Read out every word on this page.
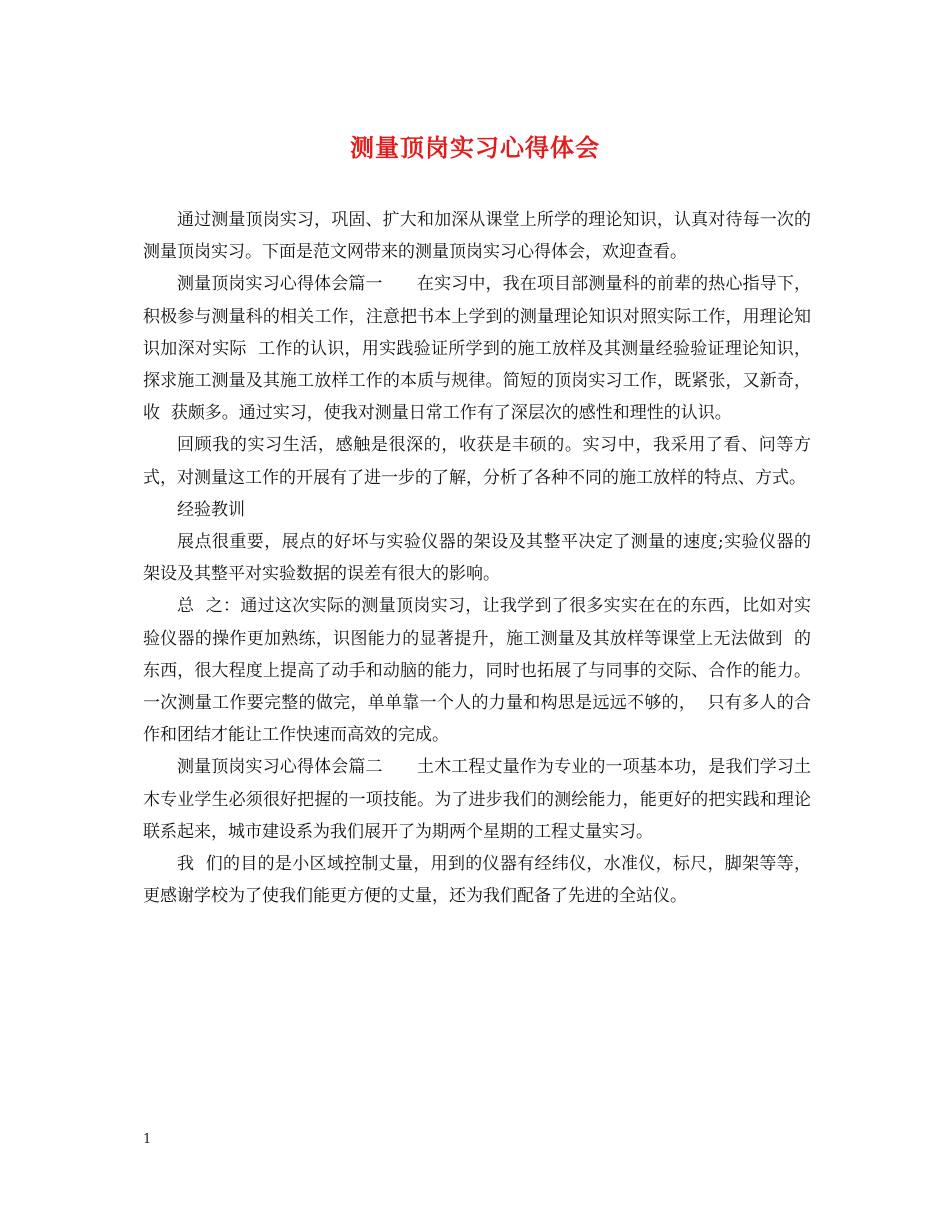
测量顶岗实习心得体会

通过测量顶岗实习，巩固、扩大和加深从课堂上所学的理论知识，认真对待每一次的测量顶岗实习。下面是范文网带来的测量顶岗实习心得体会，欢迎查看。

测量顶岗实习心得体会篇一　　在实习中，我在项目部测量科的前辈的热心指导下，积极参与测量科的相关工作，注意把书本上学到的测量理论知识对照实际工作，用理论知识加深对实际  工作的认识，用实践验证所学到的施工放样及其测量经验验证理论知识，探求施工测量及其施工放样工作的本质与规律。简短的顶岗实习工作，既紧张，又新奇，收  获颇多。通过实习，使我对测量日常工作有了深层次的感性和理性的认识。

回顾我的实习生活，感触是很深的，收获是丰硕的。实习中，我采用了看、问等方式，对测量这工作的开展有了进一步的了解，分析了各种不同的施工放样的特点、方式。

经验教训

展点很重要，展点的好坏与实验仪器的架设及其整平决定了测量的速度;实验仪器的架设及其整平对实验数据的误差有很大的影响。

总  之：通过这次实际的测量顶岗实习，让我学到了很多实实在在的东西，比如对实验仪器的操作更加熟练，识图能力的显著提升，施工测量及其放样等课堂上无法做到  的东西，很大程度上提高了动手和动脑的能力，同时也拓展了与同事的交际、合作的能力。一次测量工作要完整的做完，单单靠一个人的力量和构思是远远不够的，  只有多人的合作和团结才能让工作快速而高效的完成。

测量顶岗实习心得体会篇二　　土木工程丈量作为专业的一项基本功，是我们学习土木专业学生必须很好把握的一项技能。为了进步我们的测绘能力，能更好的把实践和理论联系起来，城市建设系为我们展开了为期两个星期的工程丈量实习。

我  们的目的是小区域控制丈量，用到的仪器有经纬仪，水准仪，标尺，脚架等等，更感谢学校为了使我们能更方便的丈量，还为我们配备了先进的全站仪。

1
